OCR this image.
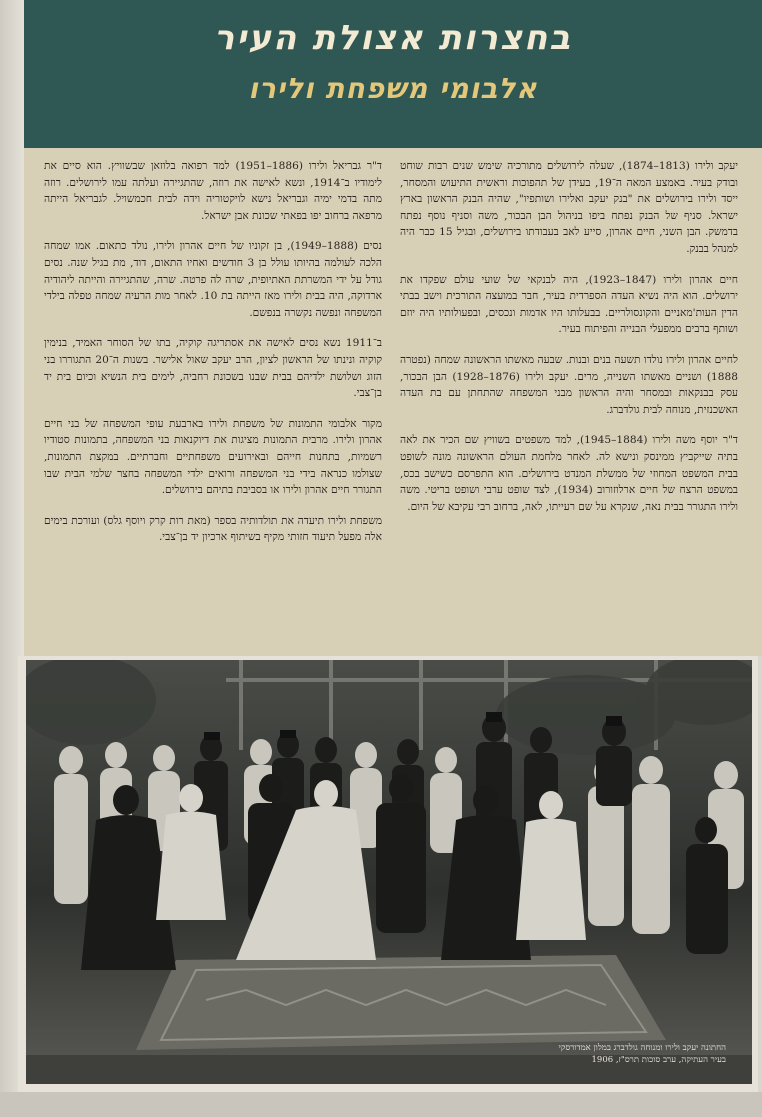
בחצרות אצולת העיר
אלבומי משפחת ולירו

יעקב ולירו (1813–1874), שעלה לירושלים מתורכיה שימש שנים רבות שוחט ובודק בעיר. באמצע המאה ה־19, בעידן של תהפוכות וראשית התיעוש והמסחר, ייסד ולירו בירושלים את "בנק יעקב ואלירו ושותפיו", שהיה הבנק הראשון בארץ ישראל. סניף של הבנק נפתח ביפו בניהול הבן הבכור, משה וסניף נוסף נפתח בדמשק. הבן השני, חיים אהרון, סייע לאב בעבודתו בירושלים, ובגיל 15 כבר היה למנהל בבנק.

חיים אהרון ולירו (1847–1923), היה לבנקאי של שועי עולם שפקדו את ירושלים. הוא היה נשיא העדה הספרדית בעיר, חבר במועצה התורכית וישב בבתי הדין העות'מאניים והקונסולריים. בבעלותו היו אדמות ונכסים, ובפעולותיו היה יוזם ושותף ברבים ממפעלי הבנייה והפיתוח בעיר.

לחיים אהרון ולירו נולדו תשעה בנים ובנות. שבעה מאשתו הראשונה שמחה (נפטרה 1888) ושניים מאשתו השנייה, מרים. יעקב ולירו (1876–1928) הבן הבכור, עסק בבנקאות ובמסחר והיה הראשון מבני המשפחה שהתחתן עם בת העדה האשכנזית, מנוחה לבית גולדברג.

ד"ר יוסף משה ולירו (1884–1945), למד משפטים בשוויץ שם הכיר את לאה בתיה שייקביץ ממינסק ונישא לה. לאחר מלחמת העולם הראשונה מונה לשופט בבית המשפט המחוזי של ממשלת המנדט בירושלים. הוא התפרסם כשישב בכס, במשפט הרצח של חיים ארלוזורוב (1934), לצד שופט ערבי ושופט בריטי. משה ולירו התגורר בבית נאה, שנקרא על שם רעייתו, לאה, ברחוב רבי עקיבא של היום.

ד"ר גבריאל ולירו (1886–1951) למד רפואה בלוזאן שבשוויץ. הוא סיים את לימודיו ב־1914, ונשא לאישה את רוזה, שהתגיירה ועלתה עמו לירושלים. רוזה מתה בדמי ימיה וגבריאל נישא לויקטוריה וידה לבית חכמשויל. לגבריאל הייתה מרפאה ברחוב יפו בפאתי שכונת אבן ישראל.

נסים (1888–1949), בן זקוניו של חיים אהרון ולירו, נולד כתאום. אמו שמחה הלכה לעולמה בהיותו עולל בן 3 חודשים ואחיו התאום, דוד, מת בגיל שנה. נסים גודל על ידי המשרתת האתיופית, שרה לה פרטה. שרה, שהתגיירה והייתה ליהודיה ארדוקה, היה בבית ולירו מאז הייתה בת 10. לאחר מות הרעיה שמחה טפלה בילדי המשפחה ונפשה נקשרה בנפשם.

ב־1911 נשא נסים לאישה את אסתריגה קוקיה, בתו של הסוחר האמיד, בנימין קוקיה ונינתו של הראשון לציון, הרב יעקב שאול אלישר. בשנות ה־20 התגוררו בני הזוג ושלושת ילדיהם בבית שבנו בשכונת רחביה, לימים בית הנשיא וכיום בית יד בן־צבי.

מקור אלבומי התמונות של משפחת ולירו בארבעת עופי המשפחה של בני חיים אהרון ולירו. מרבית התמונות מציגות את דיוקנאות בני המשפחה, בתמונות סטודיו רשמיות, בתחנות חייהם ובאירועים משפחתיים וחברתיים. במקצת התמונות, שצולמו כנראה בידי בני המשפחה ורואים ילדי המשפחה בחצר שלמי הבית שבו התגורר חיים אהרון ולירו או בסביבת בתיהם בירושלים.

משפחת ולירו תיעדה את תולדותיה בספר (מאת רות קרק ויוסף גלס) ועורכת בימים אלה מפעל תיעוד חזותי מקיף בשיתוף ארכיון יד בן־צבי.

החתונה יעקב ולירו ומנוחה גולדברג במלון אמדורסקי
בעיר העתיקה, ערב סוכות תרס"ז, 1906
